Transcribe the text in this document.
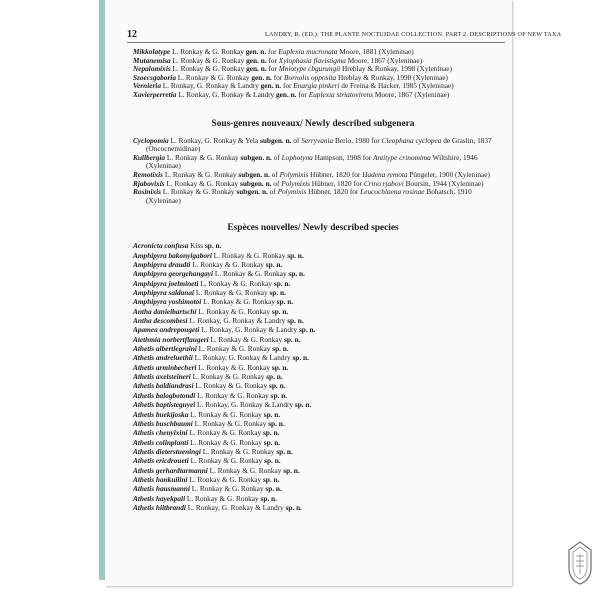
12	LANDRY, B. (ED.): THE PLANTE NOCTUIDAE COLLECTION. PART 2. DESCRIPTIONS OF NEW TAXA
Mikkolatype L. Ronkay & G. Ronkay gen. n. for Euplexia mucronata Moore, 1881 (Xyleninae)
Mutanemisa L. Ronkay & G. Ronkay gen. n. for Xylophasia flavistigma Moore, 1867 (Xyleninae)
Nepalomixis L. Ronkay & G. Ronkay gen. n. for Mniotype cbgurungii Hreblay & Ronkay, 1998 (Xyleninae)
Szoecsgaboria L. Ronkay & G. Ronkay gen. n. for Bornolis opposita Hreblay & Ronkay, 1998 (Xyleninae)
Vernieria L. Ronkay, G. Ronkay & Landry gen. n. for Enargia pinkeri de Freina & Hacker, 1985 (Xyleninae)
Xavierperretia L. Ronkay, G. Ronkay & Landry gen. n. for Euplexia striatovirens Moore, 1867 (Xyleninae)
Sous-genres nouveaux/ Newly described subgenera
Cyclopomia L. Ronkay, G. Ronkay & Yela subgen. n. of Serryvania Berio, 1980 for Cleophana cyclopea de Graslin, 1837 (Oncocnemidinae)
Kullbergia L. Ronkay & G. Ronkay subgen. n. of Lophotyna Hampson, 1908 for Antitype crinomima Wiltshire, 1946 (Xyleninae)
Remotixis L. Ronkay & G. Ronkay subgen. n. of Polymixis Hübner, 1820 for Hadena remota Püngeler, 1900 (Xyleninae)
Rjabovixis L. Ronkay & G. Ronkay subgen. n. of Polymixis Hübner, 1820 for Crino rjabovi Boursin, 1944 (Xyleninae)
Rosinixis L. Ronkay & G. Ronkay subgen. n. of Polymixis Hübner, 1820 for Leucochlaena rosinae Bohatsch, 1910 (Xyleninae)
Espèces nouvelles/ Newly described species
Acronicta confusa Kiss sp. n.
Amphipyra bakonyigabori L. Ronkay & G. Ronkay sp. n.
Amphipyra draudti L. Ronkay & G. Ronkay sp. n.
Amphipyra georgehangayi L. Ronkay & G. Ronkay sp. n.
Amphipyra joelmineti L. Ronkay & G. Ronkay sp. n.
Amphipyra saldanai L. Ronkay & G. Ronkay sp. n.
Amphipyra yoshimotoi L. Ronkay & G. Ronkay sp. n.
Antha danielbartschi L. Ronkay & G. Ronkay sp. n.
Antha descombesi L. Ronkay, G. Ronkay & Landry sp. n.
Apamea andrepougeti L. Ronkay, G. Ronkay & Landry sp. n.
Atethmia norbertflaugeri L. Ronkay & G. Ronkay sp. n.
Athetis albertlegraini L. Ronkay & G. Ronkay sp. n.
Athetis andreluethii L. Ronkay, G. Ronkay & Landry sp. n.
Athetis arminbecheri L. Ronkay & G. Ronkay sp. n.
Athetis axelsteineri L. Ronkay & G. Ronkay sp. n.
Athetis baldiandrasi L. Ronkay & G. Ronkay sp. n.
Athetis balogbotondi L. Ronkay & G. Ronkay sp. n.
Athetis baptisteguyei L. Ronkay, G. Ronkay & Landry sp. n.
Athetis buekijoska L. Ronkay & G. Ronkay sp. n.
Athetis buschbaumi L. Ronkay & G. Ronkay sp. n.
Athetis chenyixini L. Ronkay & G. Ronkay sp. n.
Athetis colinplanti L. Ronkay & G. Ronkay sp. n.
Athetis dieterstueningi L. Ronkay & G. Ronkay sp. n.
Athetis ericdroueti L. Ronkay & G. Ronkay sp. n.
Athetis gerhardtarmanni L. Ronkay & G. Ronkay sp. n.
Athetis hankuilini L. Ronkay & G. Ronkay sp. n.
Athetis hausmanni L. Ronkay & G. Ronkay sp. n.
Athetis hayekpali L. Ronkay & G. Ronkay sp. n.
Athetis hiltbrandi L. Ronkay, G. Ronkay & Landry sp. n.
